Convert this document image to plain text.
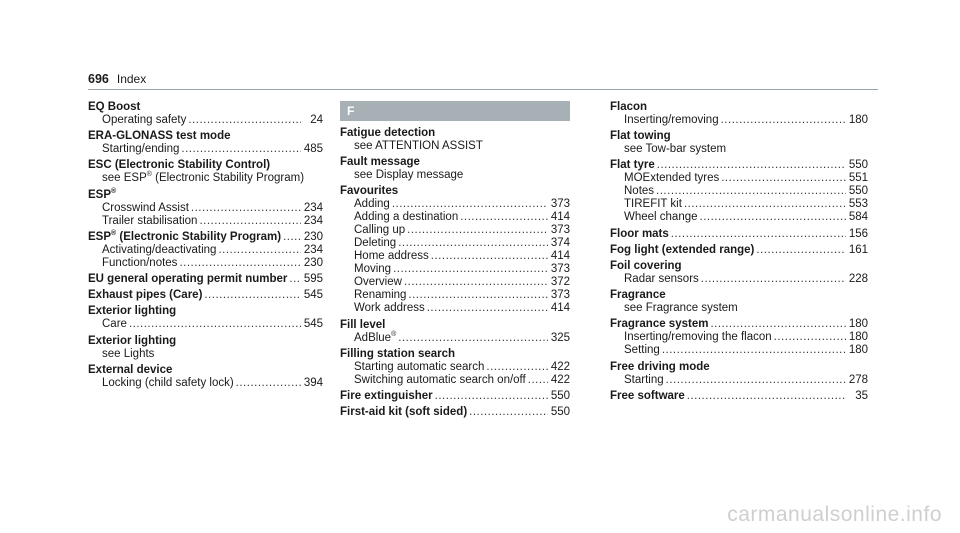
696 Index
EQ Boost
Operating safety .....	24
ERA-GLONASS test mode
Starting/ending .....	485
ESC (Electronic Stability Control)
see ESP® (Electronic Stability Program)
ESP®
Crosswind Assist .....	234
Trailer stabilisation .....	234
ESP® (Electronic Stability Program) ..... 230
Activating/deactivating .....	234
Function/notes .....	230
EU general operating permit number ..... 595
Exhaust pipes (Care) .....	545
Exterior lighting
Care .....	545
Exterior lighting
see Lights
External device
Locking (child safety lock) .....	394
F
Fatigue detection
see ATTENTION ASSIST
Fault message
see Display message
Favourites
Adding .....	373
Adding a destination .....	414
Calling up .....	373
Deleting .....	374
Home address .....	414
Moving .....	373
Overview .....	372
Renaming .....	373
Work address .....	414
Fill level
AdBlue® .....	325
Filling station search
Starting automatic search .....	422
Switching automatic search on/off ..... 422
Fire extinguisher .....	550
First-aid kit (soft sided) .....	550
Flacon
Inserting/removing .....	180
Flat towing
see Tow-bar system
Flat tyre .....	550
MOExtended tyres .....	551
Notes .....	550
TIREFIT kit .....	553
Wheel change .....	584
Floor mats .....	156
Fog light (extended range) .....	161
Foil covering
Radar sensors .....	228
Fragrance
see Fragrance system
Fragrance system .....	180
Inserting/removing the flacon .....	180
Setting .....	180
Free driving mode
Starting .....	278
Free software .....	35
carmanualsonline.info
